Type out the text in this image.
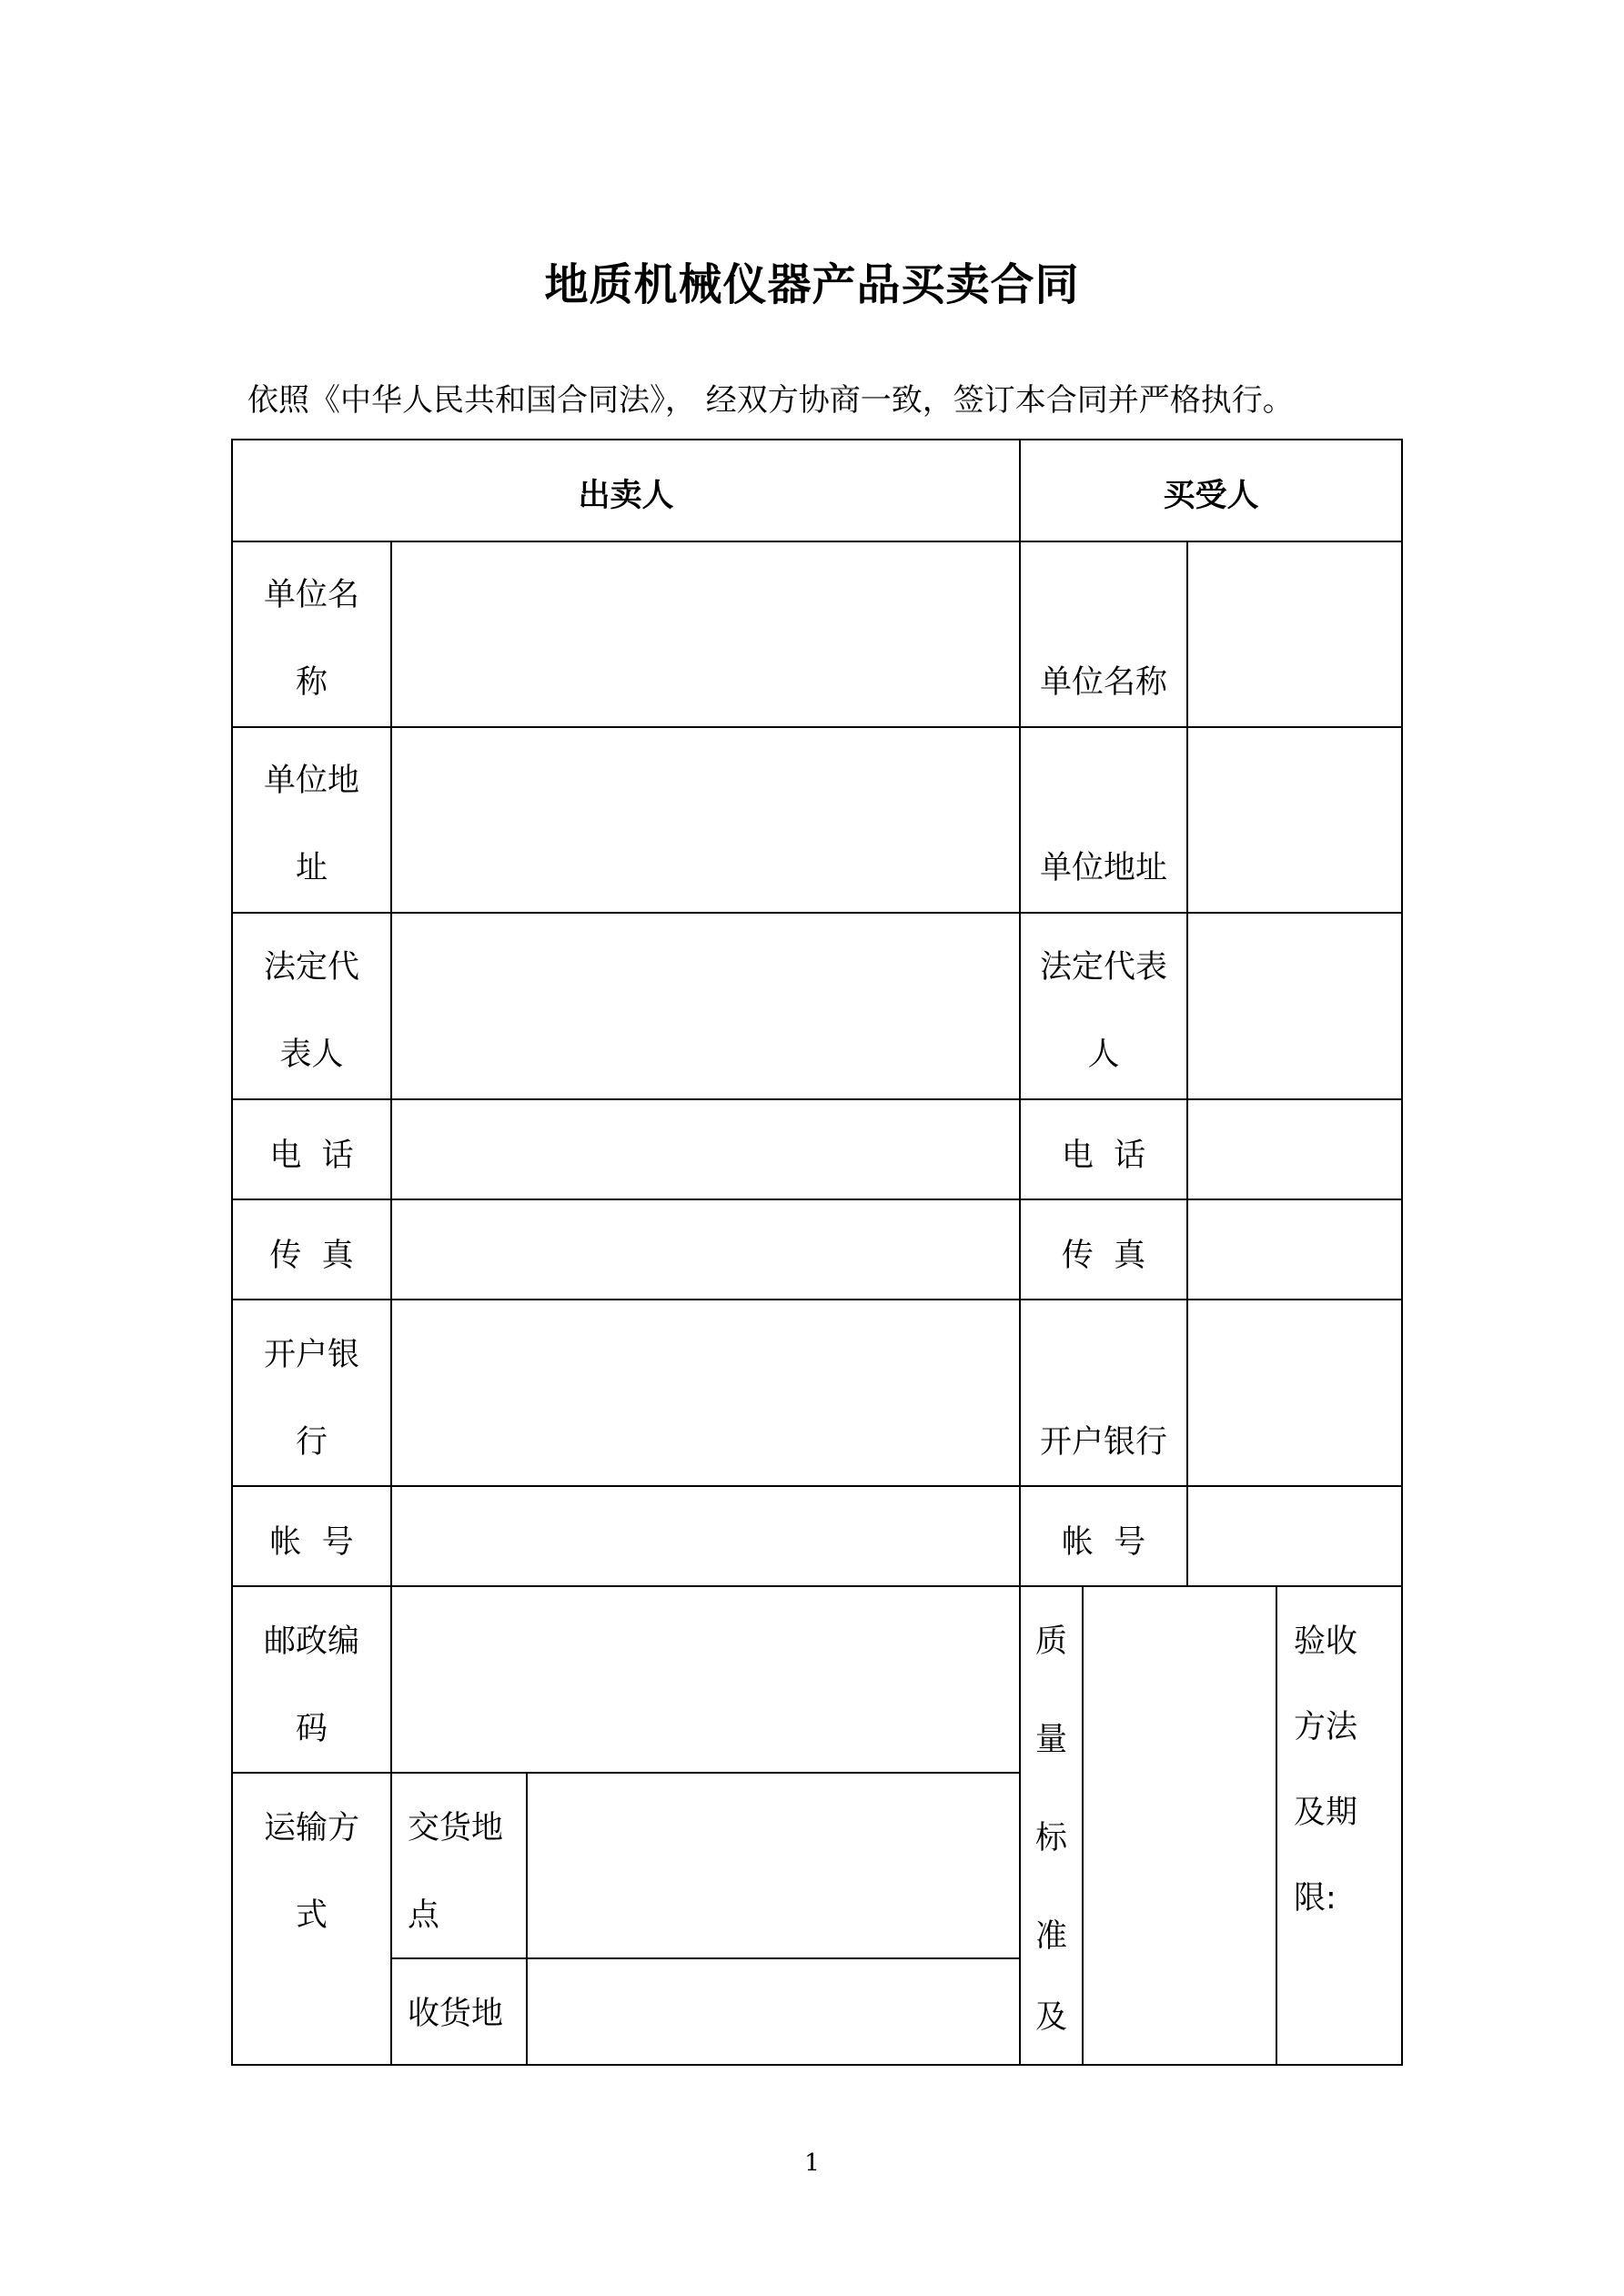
地质机械仪器产品买卖合同
依照《中华人民共和国合同法》， 经双方协商一致，签订本合同并严格执行。
出卖人	买受人
单位名
称
单位地
址
法定代
表人
电  话
传  真
开户银
行
帐  号
邮政编
码
运输方
式
交货地
点
收货地
单位名称
单位地址
法定代表
人
电  话
传  真
开户银行
帐  号
质
量
标
准
及
验收
方法
及期
限:
1
